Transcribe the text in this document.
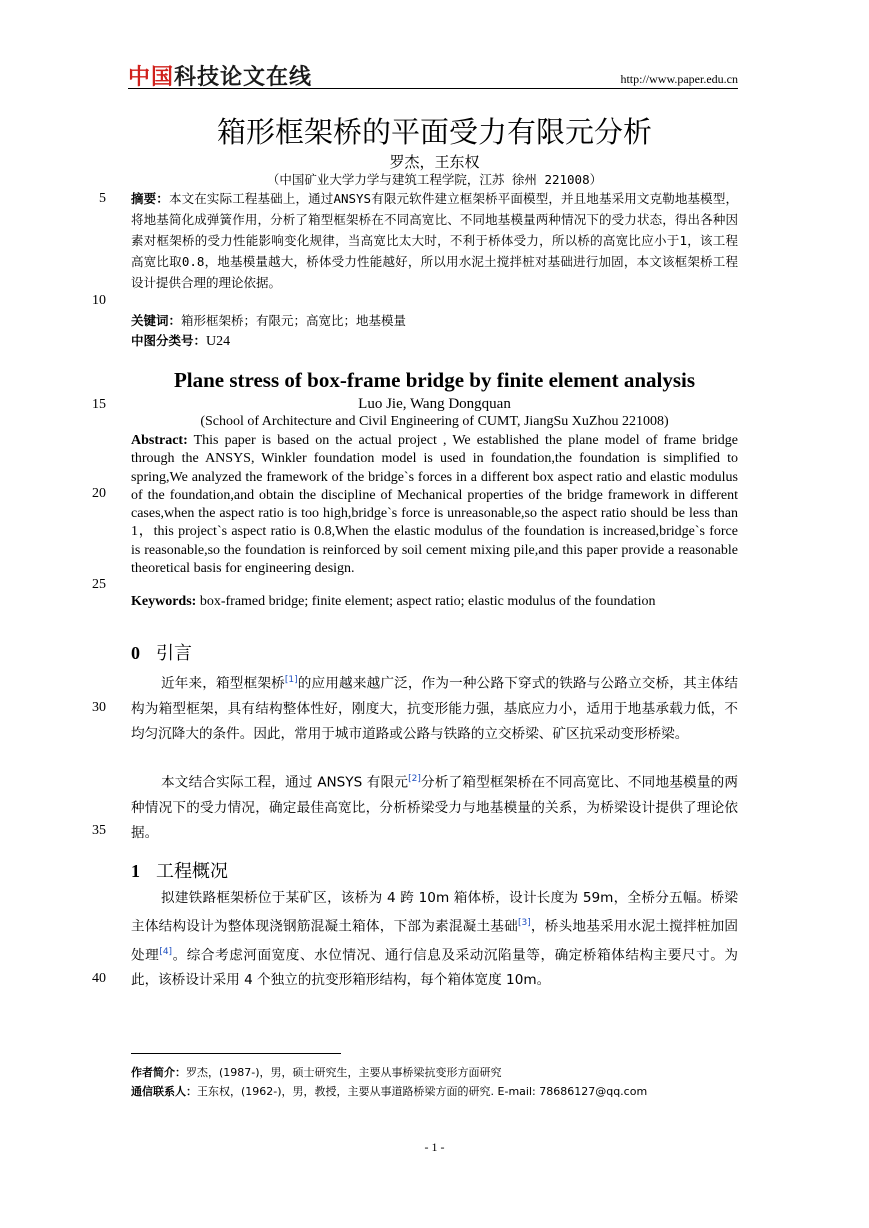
中国科技论文在线	http://www.paper.edu.cn
箱形框架桥的平面受力有限元分析
罗杰，王东权
（中国矿业大学力学与建筑工程学院，江苏 徐州 221008）
5
10
15
20
25
30
35
40
摘要：本文在实际工程基础上，通过ANSYS有限元软件建立框架桥平面模型，并且地基采用文克勒地基模型，将地基简化成弹簧作用，分析了箱型框架桥在不同高宽比、不同地基模量两种情况下的受力状态，得出各种因素对框架桥的受力性能影响变化规律，当高宽比太大时，不利于桥体受力，所以桥的高宽比应小于1，该工程高宽比取0.8，地基模量越大，桥体受力性能越好，所以用水泥土搅拌桩对基础进行加固，本文该框架桥工程设计提供合理的理论依据。
关键词：箱形框架桥；有限元；高宽比；地基模量
中图分类号：U24
Plane stress of box-frame bridge by finite element analysis
Luo Jie, Wang Dongquan
(School of Architecture and Civil Engineering of CUMT, JiangSu XuZhou 221008)
Abstract: This paper is based on the actual project , We established the plane model of frame bridge through the ANSYS, Winkler foundation model is used in foundation,the foundation is simplified to spring,We analyzed the framework of the bridge`s forces in a different box aspect ratio and elastic modulus of the foundation,and obtain the discipline of Mechanical properties of the bridge framework in different cases,when the aspect ratio is too high,bridge`s force is unreasonable,so the aspect ratio should be less than 1，this project`s aspect ratio is 0.8,When the elastic modulus of the foundation is increased,bridge`s force is reasonable,so the foundation is reinforced by soil cement mixing pile,and this paper provide a reasonable theoretical basis for engineering design.
Keywords: box-framed bridge; finite element; aspect ratio; elastic modulus of the foundation
0 引言
近年来，箱型框架桥[1]的应用越来越广泛，作为一种公路下穿式的铁路与公路立交桥，其主体结构为箱型框架，具有结构整体性好，刚度大，抗变形能力强，基底应力小，适用于地基承载力低，不均匀沉降大的条件。因此，常用于城市道路或公路与铁路的立交桥梁、矿区抗采动变形桥梁。
本文结合实际工程，通过 ANSYS 有限元[2]分析了箱型框架桥在不同高宽比、不同地基模量的两种情况下的受力情况，确定最佳高宽比，分析桥梁受力与地基模量的关系，为桥梁设计提供了理论依据。
1 工程概况
拟建铁路框架桥位于某矿区，该桥为 4 跨 10m 箱体桥，设计长度为 59m，全桥分五幅。桥梁主体结构设计为整体现浇钢筋混凝土箱体，下部为素混凝土基础[3]，桥头地基采用水泥土搅拌桩加固处理[4]。综合考虑河面宽度、水位情况、通行信息及采动沉陷量等，确定桥箱体结构主要尺寸。为此，该桥设计采用 4 个独立的抗变形箱形结构，每个箱体宽度 10m。
作者简介：罗杰，(1987-)，男，硕士研究生，主要从事桥梁抗变形方面研究
通信联系人：王东权，(1962-)，男，教授，主要从事道路桥梁方面的研究. E-mail: 78686127@qq.com
- 1 -
